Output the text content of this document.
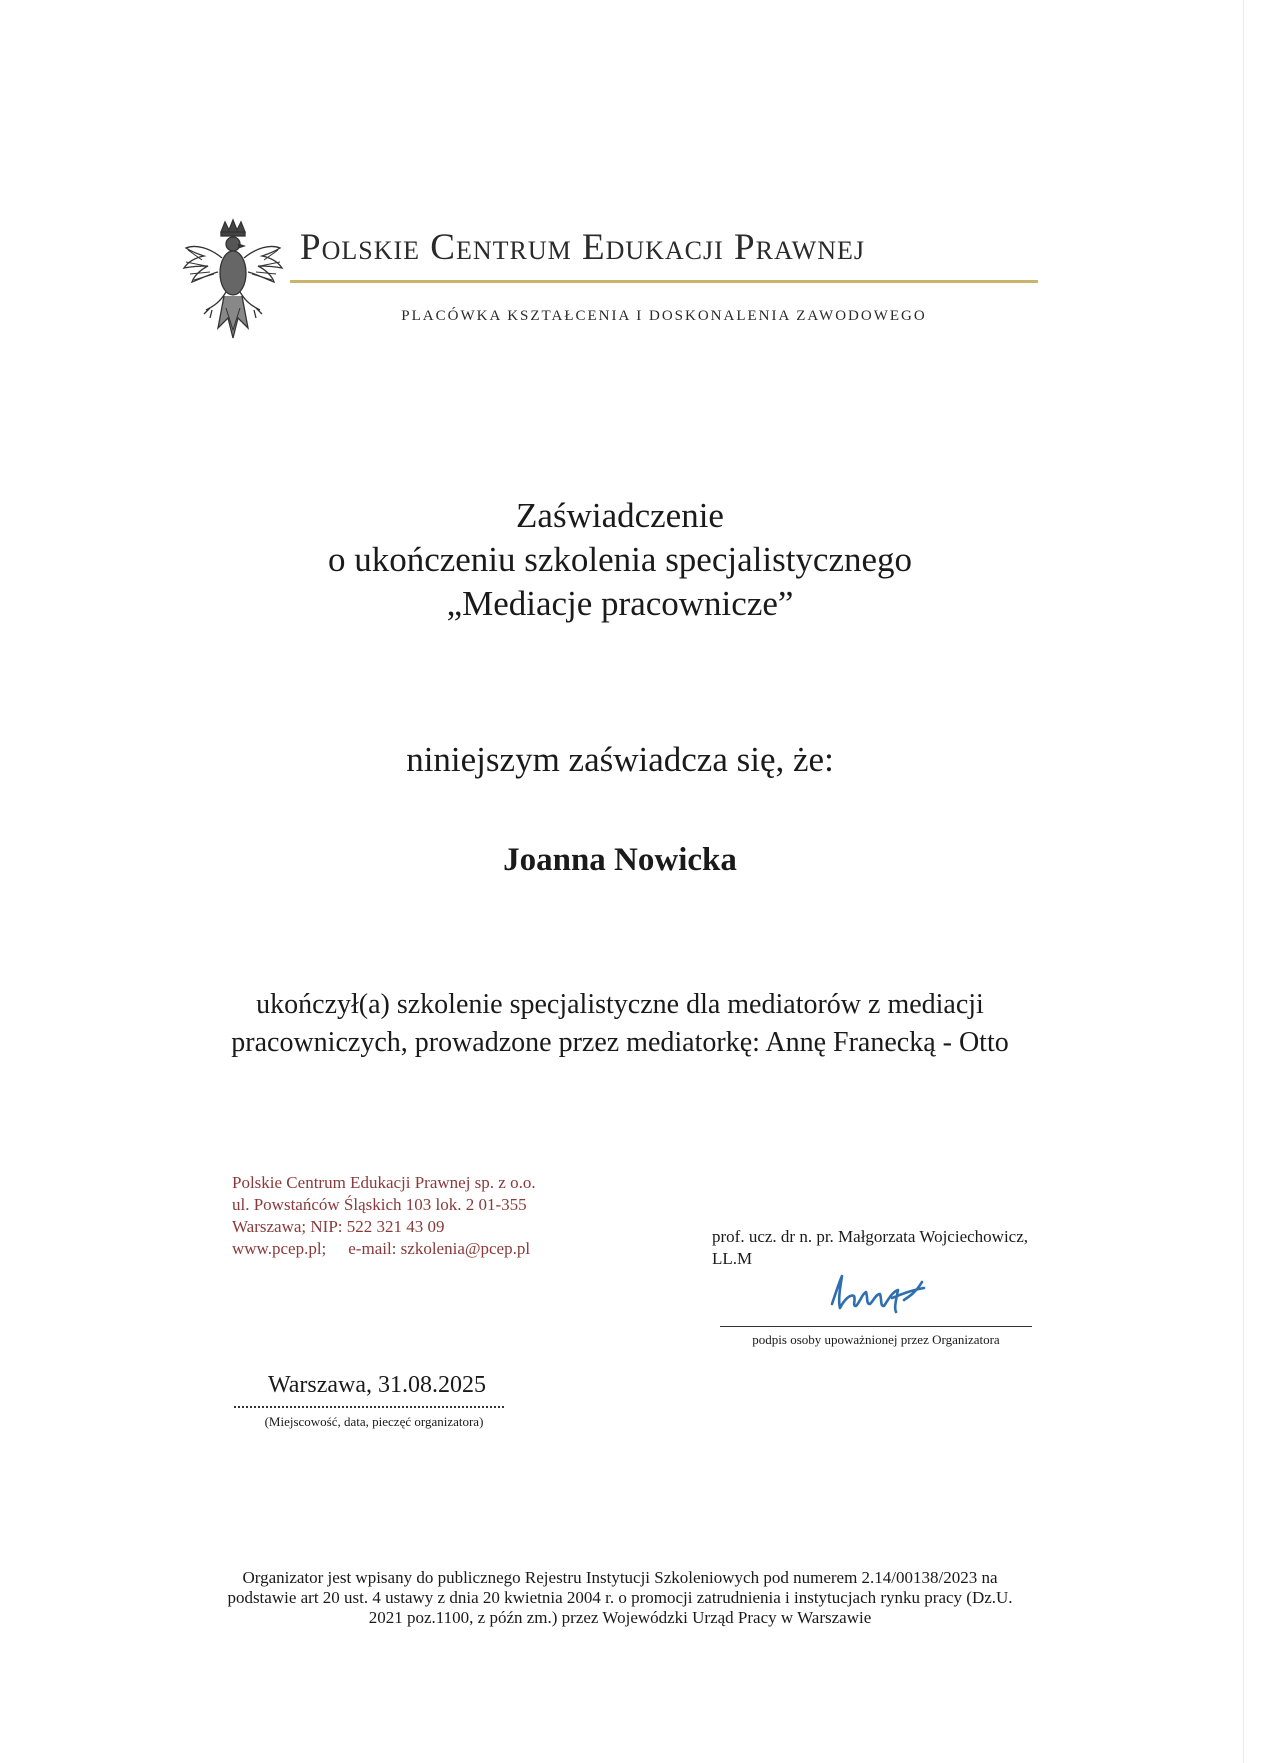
Polskie Centrum Edukacji Prawnej
PLACÓWKA KSZTAŁCENIA I DOSKONALENIA ZAWODOWEGO
Zaświadczenie
o ukończeniu szkolenia specjalistycznego
„Mediacje pracownicze”
niniejszym zaświadcza się, że:
Joanna Nowicka
ukończył(a) szkolenie specjalistyczne dla mediatorów z mediacji
pracowniczych, prowadzone przez mediatorkę: Annę Franecką - Otto
Polskie Centrum Edukacji Prawnej sp. z o.o.
ul. Powstańców Śląskich 103 lok. 2 01-355
Warszawa; NIP: 522 321 43 09
www.pcep.pl; e-mail: szkolenia@pcep.pl
prof. ucz. dr n. pr. Małgorzata Wojciechowicz,
LL.M
podpis osoby upoważnionej przez Organizatora
Warszawa, 31.08.2025
(Miejscowość, data, pieczęć organizatora)
Organizator jest wpisany do publicznego Rejestru Instytucji Szkoleniowych pod numerem 2.14/00138/2023 na
podstawie art 20 ust. 4 ustawy z dnia 20 kwietnia 2004 r. o promocji zatrudnienia i instytucjach rynku pracy (Dz.U.
2021 poz.1100, z późn zm.) przez Wojewódzki Urząd Pracy w Warszawie
